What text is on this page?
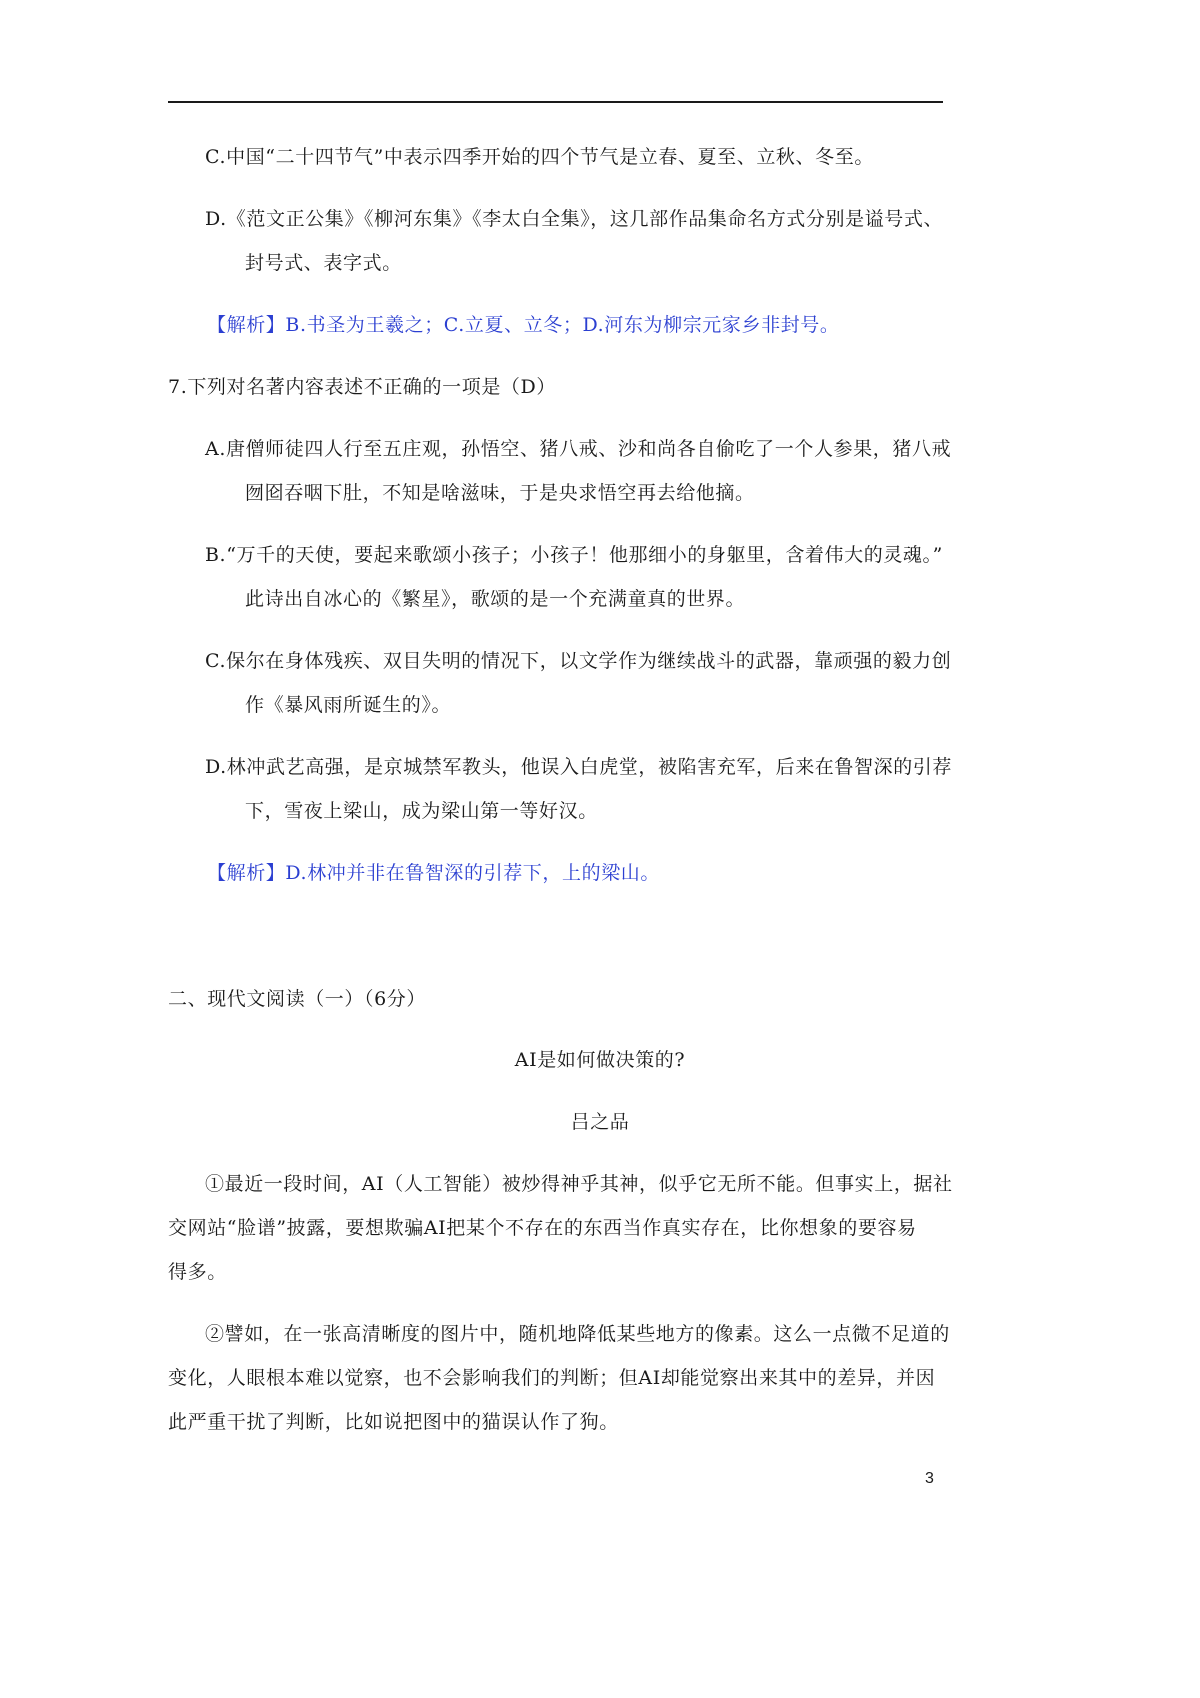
C.中国“二十四节气”中表示四季开始的四个节气是立春、夏至、立秋、冬至。
D.《范文正公集》《柳河东集》《李太白全集》，这几部作品集命名方式分别是谥号式、
封号式、表字式。
【解析】B.书圣为王羲之；C.立夏、立冬；D.河东为柳宗元家乡非封号。
7.下列对名著内容表述不正确的一项是（D）
A.唐僧师徒四人行至五庄观，孙悟空、猪八戒、沙和尚各自偷吃了一个人参果，猪八戒
囫囵吞咽下肚，不知是啥滋味，于是央求悟空再去给他摘。
B.“万千的天使，要起来歌颂小孩子；小孩子！他那细小的身躯里，含着伟大的灵魂。”
此诗出自冰心的《繁星》，歌颂的是一个充满童真的世界。
C.保尔在身体残疾、双目失明的情况下，以文学作为继续战斗的武器，靠顽强的毅力创
作《暴风雨所诞生的》。
D.林冲武艺高强，是京城禁军教头，他误入白虎堂，被陷害充军，后来在鲁智深的引荐
下，雪夜上梁山，成为梁山第一等好汉。
【解析】D.林冲并非在鲁智深的引荐下，上的梁山。
二、现代文阅读（一）（6分）
AI是如何做决策的?
吕之品
①最近一段时间，AI（人工智能）被炒得神乎其神，似乎它无所不能。但事实上，据社
交网站“脸谱”披露，要想欺骗AI把某个不存在的东西当作真实存在，比你想象的要容易
得多。
②譬如，在一张高清晰度的图片中，随机地降低某些地方的像素。这么一点微不足道的
变化，人眼根本难以觉察，也不会影响我们的判断；但AI却能觉察出来其中的差异，并因
此严重干扰了判断，比如说把图中的猫误认作了狗。
3
